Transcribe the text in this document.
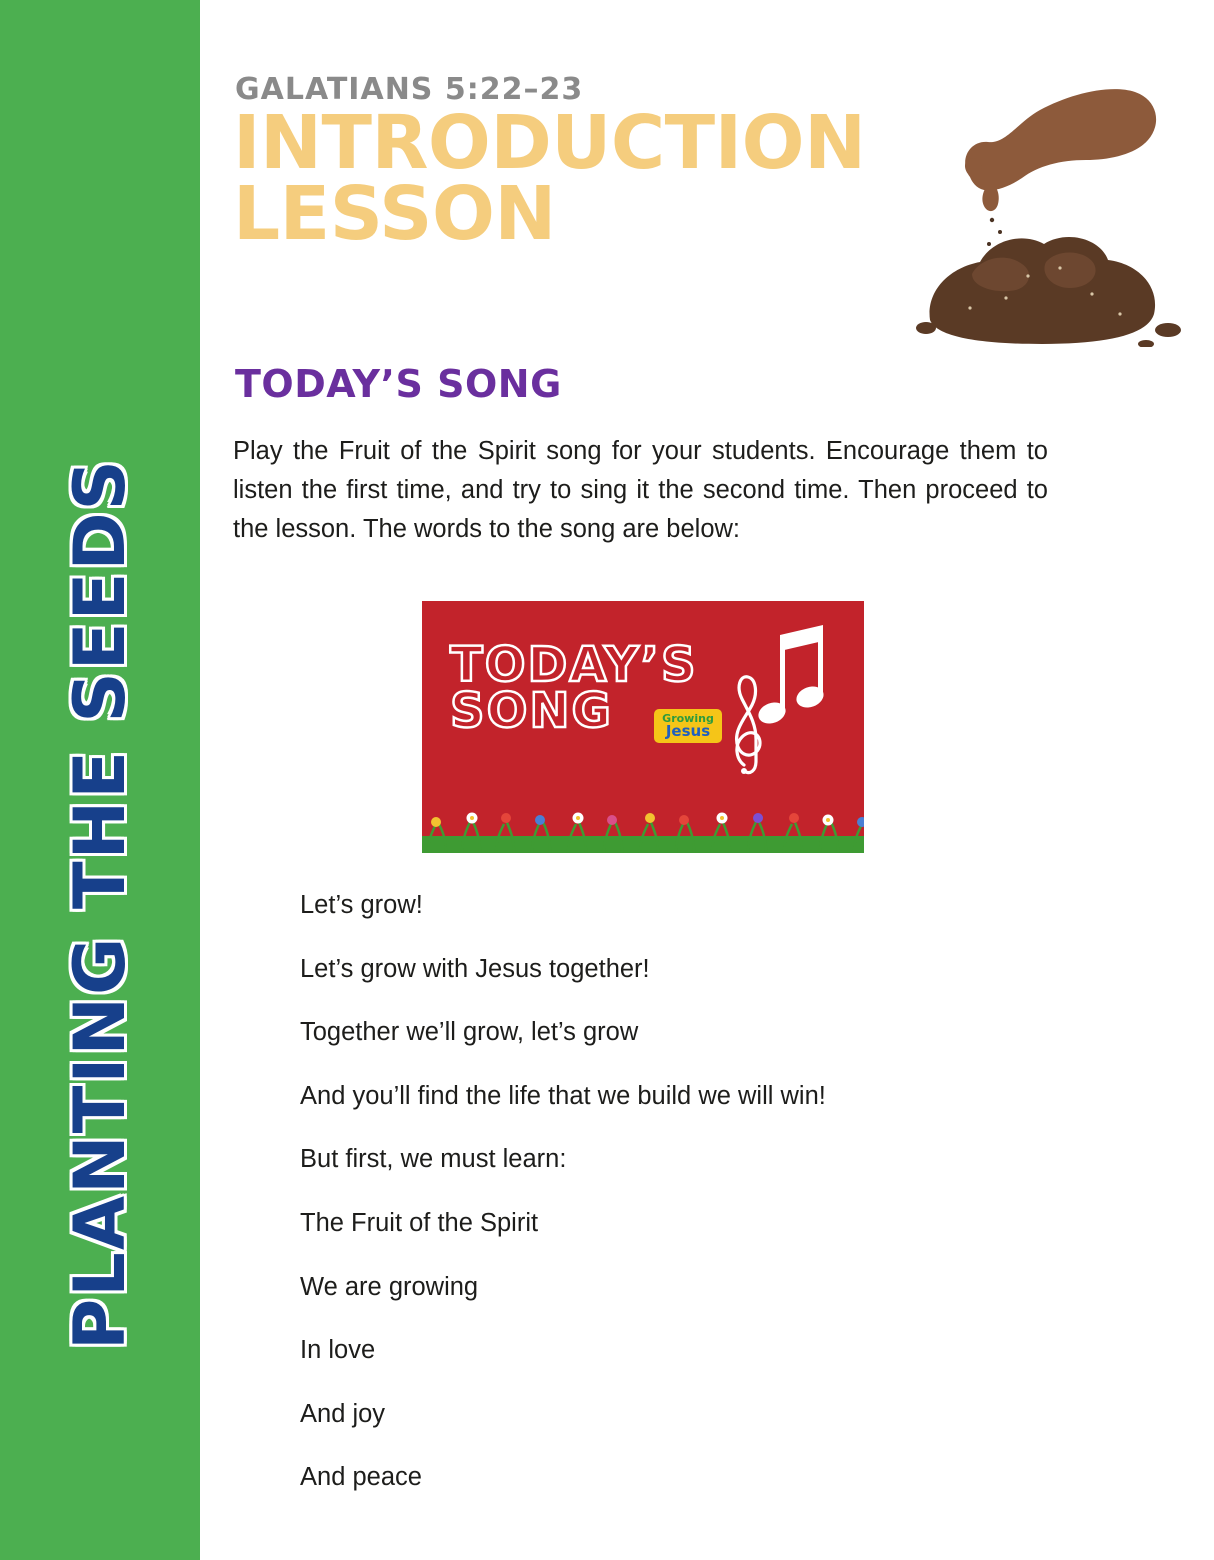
PLANTING THE SEEDS
GALATIANS 5:22–23
INTRODUCTION
LESSON
TODAY’S SONG
Play the Fruit of the Spirit song for your students. Encourage them to listen the first time, and try to sing it the second time. Then proceed to the lesson. The words to the song are below:
TODAY’S
SONG	Growing
Jesus

Let’s grow!

Let’s grow with Jesus together!

Together we’ll grow, let’s grow

And you’ll find the life that we build we will win!

But first, we must learn:

The Fruit of the Spirit

We are growing

In love

And joy

And peace
